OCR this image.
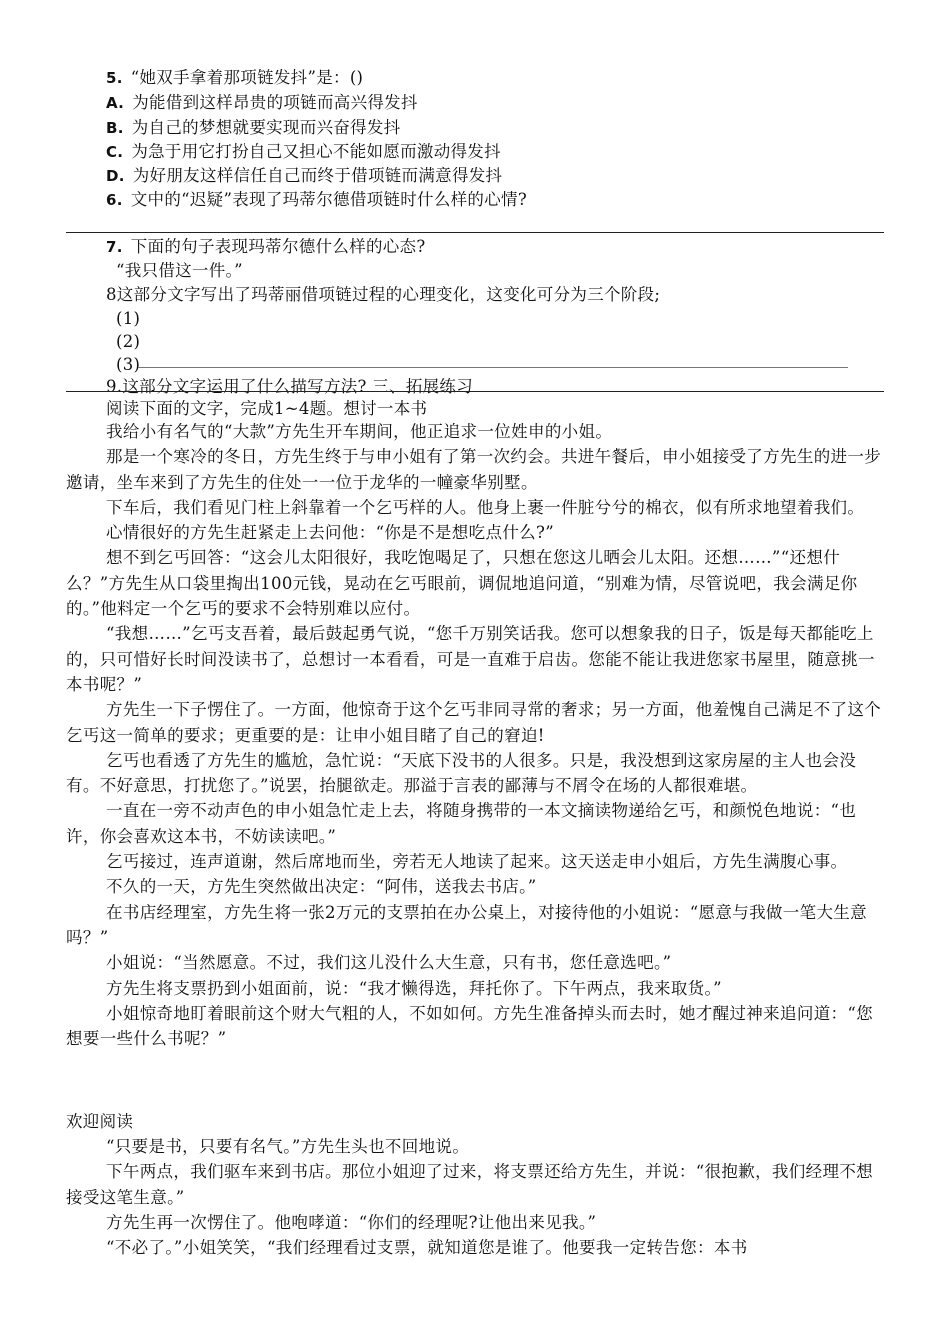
5. “她双手拿着那项链发抖”是：()
A. 为能借到这样昂贵的项链而高兴得发抖
B. 为自己的梦想就要实现而兴奋得发抖
C. 为急于用它打扮自己又担心不能如愿而激动得发抖
D. 为好朋友这样信任自己而终于借项链而满意得发抖
6. 文中的“迟疑”表现了玛蒂尔德借项链时什么样的心情?
7. 下面的句子表现玛蒂尔德什么样的心态?
“我只借这一件。”
8这部分文字写出了玛蒂丽借项链过程的心理变化，这变化可分为三个阶段;
(1)
(2)
(3)
9.这部分文字运用了什么描写方法? 三、拓展练习
阅读下面的文字，完成1~4题。想讨一本书

我给小有名气的“大款”方先生开车期间，他正追求一位姓申的小姐。

那是一个寒冷的冬日，方先生终于与申小姐有了第一次约会。共进午餐后，申小姐接受了方先生的进一步邀请，坐车来到了方先生的住处一一位于龙华的一幢豪华别墅。

下车后，我们看见门柱上斜靠着一个乞丐样的人。他身上裹一件脏兮兮的棉衣，似有所求地望着我们。

心情很好的方先生赶紧走上去问他：“你是不是想吃点什么?”

想不到乞丐回答：“这会儿太阳很好，我吃饱喝足了，只想在您这儿晒会儿太阳。还想……”“还想什么？”方先生从口袋里掏出100元钱，晃动在乞丐眼前，调侃地追问道，“别难为情，尽管说吧，我会满足你的。”他料定一个乞丐的要求不会特别难以应付。

“我想……”乞丐支吾着，最后鼓起勇气说，“您千万别笑话我。您可以想象我的日子，饭是每天都能吃上的，只可惜好长时间没读书了，总想讨一本看看，可是一直难于启齿。您能不能让我进您家书屋里，随意挑一本书呢？”

方先生一下子愣住了。一方面，他惊奇于这个乞丐非同寻常的奢求；另一方面，他羞愧自己满足不了这个乞丐这一简单的要求；更重要的是：让申小姐目睹了自己的窘迫!

乞丐也看透了方先生的尴尬，急忙说：“天底下没书的人很多。只是，我没想到这家房屋的主人也会没有。不好意思，打扰您了。”说罢，抬腿欲走。那溢于言表的鄙薄与不屑令在场的人都很难堪。

一直在一旁不动声色的申小姐急忙走上去，将随身携带的一本文摘读物递给乞丐，和颜悦色地说：“也许，你会喜欢这本书，不妨读读吧。”

乞丐接过，连声道谢，然后席地而坐，旁若无人地读了起来。这天送走申小姐后，方先生满腹心事。

不久的一天，方先生突然做出决定：“阿伟，送我去书店。”

在书店经理室，方先生将一张2万元的支票拍在办公桌上，对接待他的小姐说：“愿意与我做一笔大生意吗？”

小姐说：“当然愿意。不过，我们这儿没什么大生意，只有书，您任意选吧。”

方先生将支票扔到小姐面前，说：“我才懒得选，拜托你了。下午两点，我来取货。”

小姐惊奇地盯着眼前这个财大气粗的人，不如如何。方先生准备掉头而去时，她才醒过神来追问道：“您想要一些什么书呢？”

欢迎阅读

“只要是书，只要有名气。”方先生头也不回地说。

下午两点，我们驱车来到书店。那位小姐迎了过来，将支票还给方先生，并说：“很抱歉，我们经理不想接受这笔生意。”

方先生再一次愣住了。他咆哮道：“你们的经理呢?让他出来见我。”

“不必了。”小姐笑笑，“我们经理看过支票，就知道您是谁了。他要我一定转告您：本书
